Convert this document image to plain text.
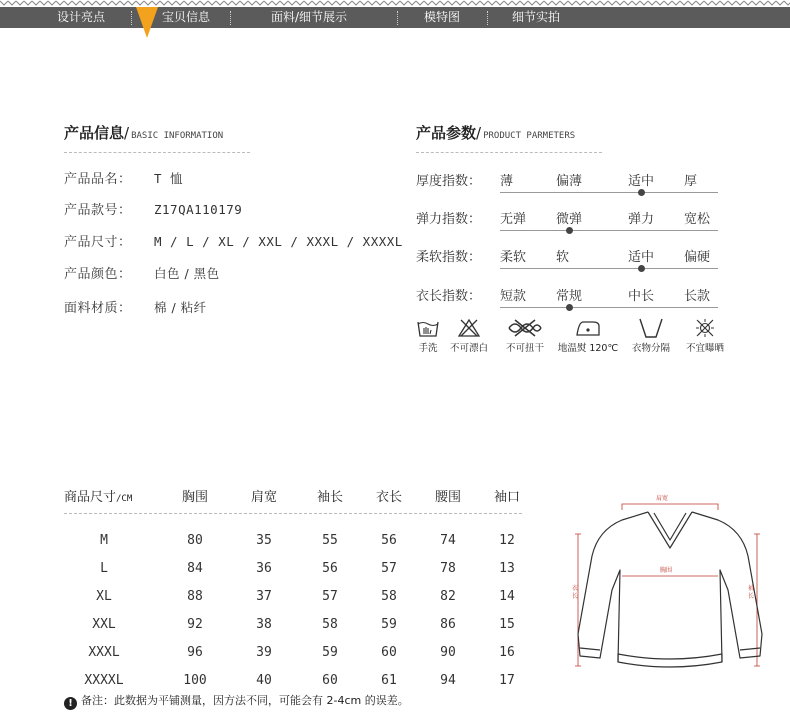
设计亮点	宝贝信息	面料/细节展示	模特图	细节实拍
产品信息/ BASIC INFORMATION
产品品名： T 恤
产品款号： Z17QA110179
产品尺寸： M / L / XL / XXL / XXXL / XXXXL
产品颜色： 白色 / 黑色
面料材质： 棉 / 粘纤
产品参数/ PRODUCT PARMETERS
厚度指数： 薄	偏薄	适中 厚
弹力指数： 无弹 微弹	弹力 宽松
柔软指数： 柔软 软	适中 偏硬
衣长指数： 短款 常规	中长 长款
手洗	不可漂白	不可扭干	地温熨 120℃	衣物分隔	不宜曝晒
商品尺寸/CM	胸围	肩宽	袖长	衣长	腰围	袖口
M	80	35	55	56	74	12
L	84	36	56	57	78	13
XL	88	37	57	58	82	14
XXL	92	38	58	59	86	15
XXXL	96	39	59	60	90	16
XXXXL	100	40	60	61	94	17
! 备注：此数据为平铺测量，因方法不同，可能会有 2-4cm 的误差。
肩宽
胸围
衣长
袖长
